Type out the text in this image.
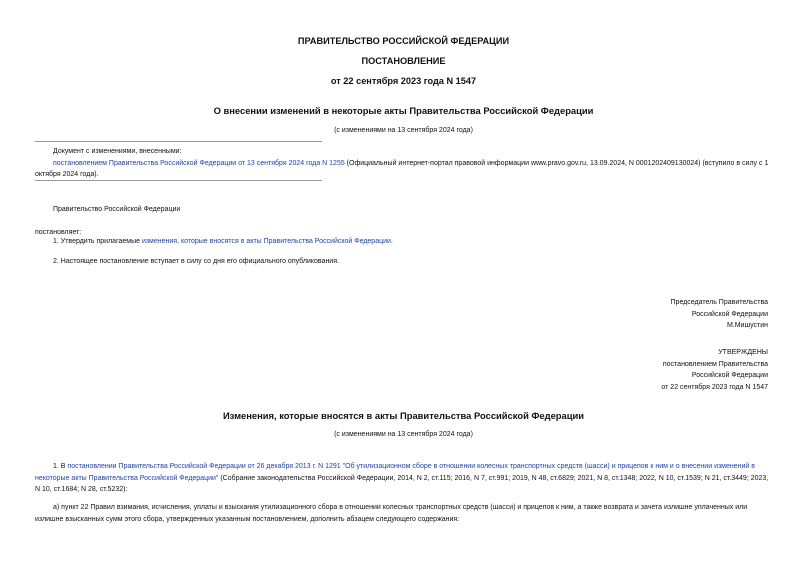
ПРАВИТЕЛЬСТВО РОССИЙСКОЙ ФЕДЕРАЦИИ
ПОСТАНОВЛЕНИЕ
от 22 сентября 2023 года N 1547
О внесении изменений в некоторые акты Правительства Российской Федерации
(с изменениями на 13 сентября 2024 года)
Документ с изменениями, внесенными:
постановлением Правительства Российской Федерации от 13 сентября 2024 года N 1255 (Официальный интернет-портал правовой информации www.pravo.gov.ru, 13.09.2024, N 0001202409130024) (вступило в силу с 1 октября 2024 года).
Правительство Российской Федерации
постановляет:
1. Утвердить прилагаемые изменения, которые вносятся в акты Правительства Российской Федерации.
2. Настоящее постановление вступает в силу со дня его официального опубликования.
Председатель Правительства
Российской Федерации
М.Мишустин
УТВЕРЖДЕНЫ
постановлением Правительства
Российской Федерации
от 22 сентября 2023 года N 1547
Изменения, которые вносятся в акты Правительства Российской Федерации
(с изменениями на 13 сентября 2024 года)
1. В постановлении Правительства Российской Федерации от 26 декабря 2013 г. N 1291 "Об утилизационном сборе в отношении колесных транспортных средств (шасси) и прицепов к ним и о внесении изменений в некоторые акты Правительства Российской Федерации" (Собрание законодательства Российской Федерации, 2014, N 2, ст.115; 2016, N 7, ст.991; 2019, N 48, ст.6829; 2021, N 8, ст.1348; 2022, N 10, ст.1539; N 21, ст.3449; 2023, N 10, ст.1684; N 28, ст.5232):
а) пункт 22 Правил взимания, исчисления, уплаты и взыскания утилизационного сбора в отношении колесных транспортных средств (шасси) и прицепов к ним, а также возврата и зачета излишне уплаченных или излишне взысканных сумм этого сбора, утвержденных указанным постановлением, дополнить абзацем следующего содержания:
